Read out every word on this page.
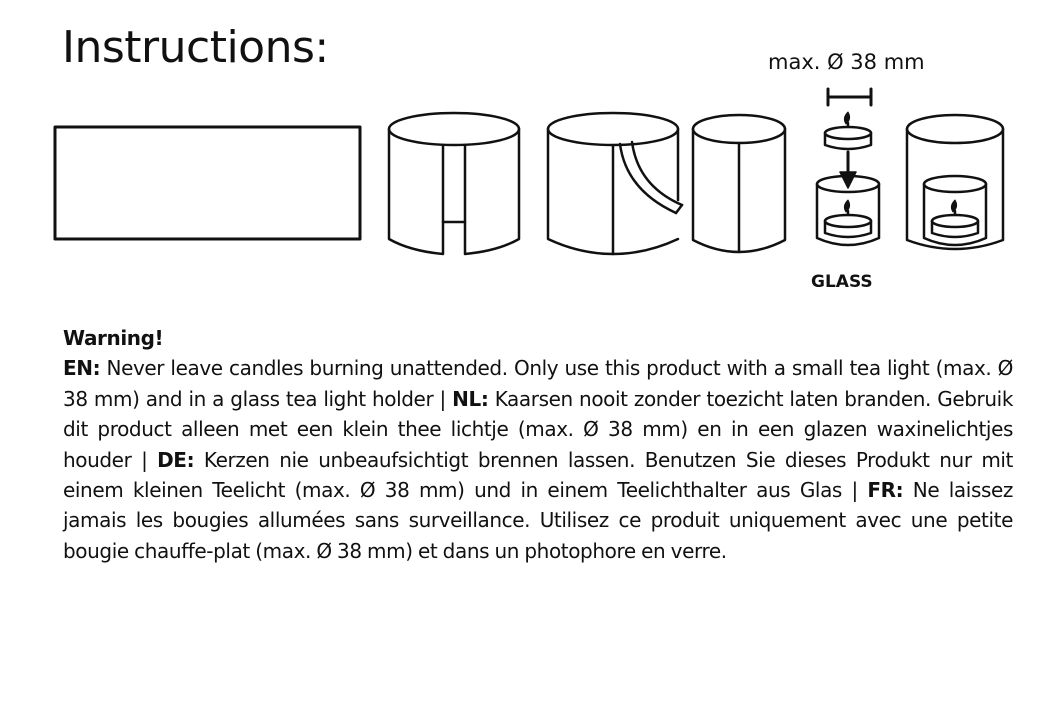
Instructions:	max. Ø 38 mm
GLASS
Warning!
EN: Never leave candles burning unattended. Only use this product with a small tea light (max. Ø 38 mm) and in a glass tea light holder | NL: Kaarsen nooit zonder toezicht laten branden. Gebruik dit product alleen met een klein thee lichtje (max. Ø 38 mm) en in een glazen waxinelichtjes houder | DE: Kerzen nie unbeaufsichtigt brennen lassen. Benutzen Sie dieses Produkt nur mit einem kleinen Teelicht (max. Ø 38 mm) und in einem Teelichthalter aus Glas | FR: Ne laissez jamais les bougies allumées sans surveillance. Utilisez ce produit uniquement avec une petite bougie chauffe-plat (max. Ø 38 mm) et dans un photophore en verre.
